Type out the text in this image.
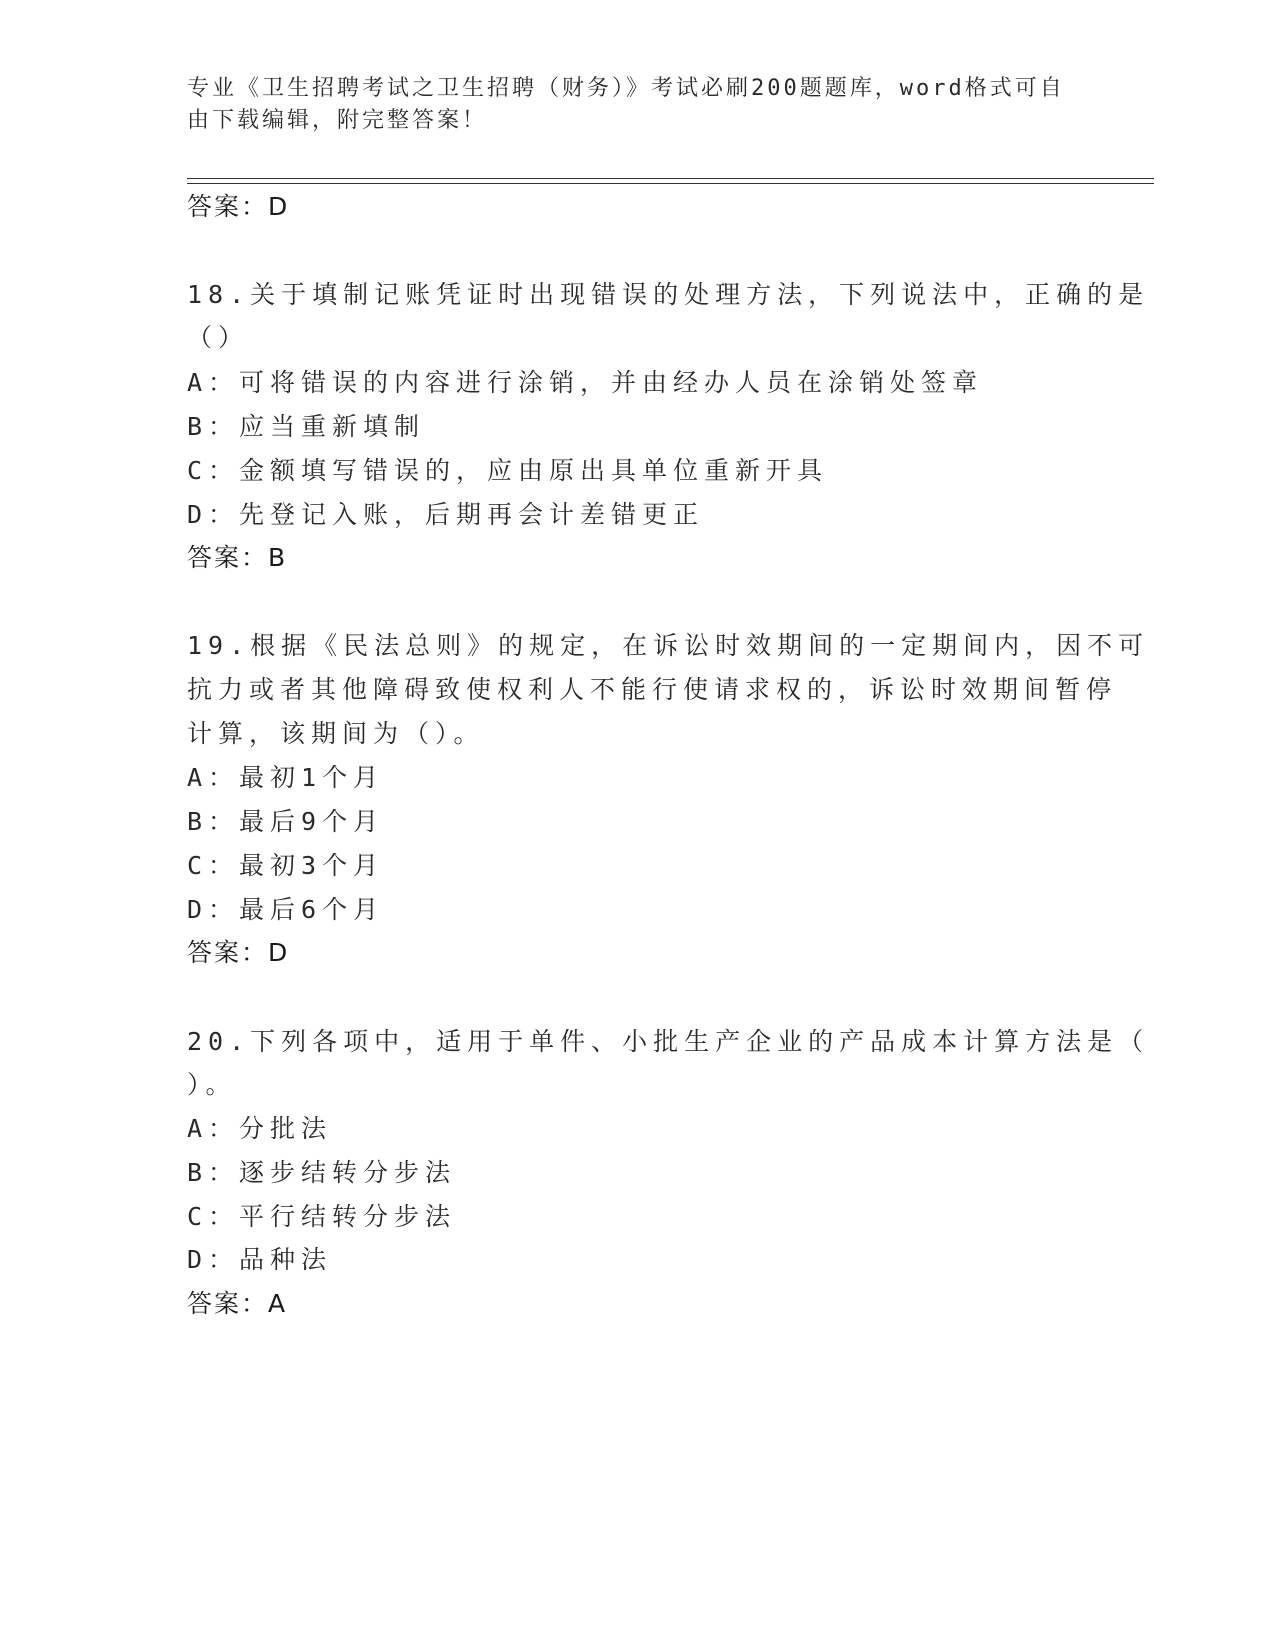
专业《卫生招聘考试之卫生招聘（财务）》考试必刷200题题库，word格式可自
由下载编辑，附完整答案！
答案：D
18.关于填制记账凭证时出现错误的处理方法，下列说法中，正确的是
（）
A：可将错误的内容进行涂销，并由经办人员在涂销处签章
B：应当重新填制
C：金额填写错误的，应由原出具单位重新开具
D：先登记入账，后期再会计差错更正
答案：B
19.根据《民法总则》的规定，在诉讼时效期间的一定期间内，因不可
抗力或者其他障碍致使权利人不能行使请求权的，诉讼时效期间暂停
计算，该期间为（）。
A：最初1个月
B：最后9个月
C：最初3个月
D：最后6个月
答案：D
20.下列各项中，适用于单件、小批生产企业的产品成本计算方法是（
）。
A：分批法
B：逐步结转分步法
C：平行结转分步法
D：品种法
答案：A
